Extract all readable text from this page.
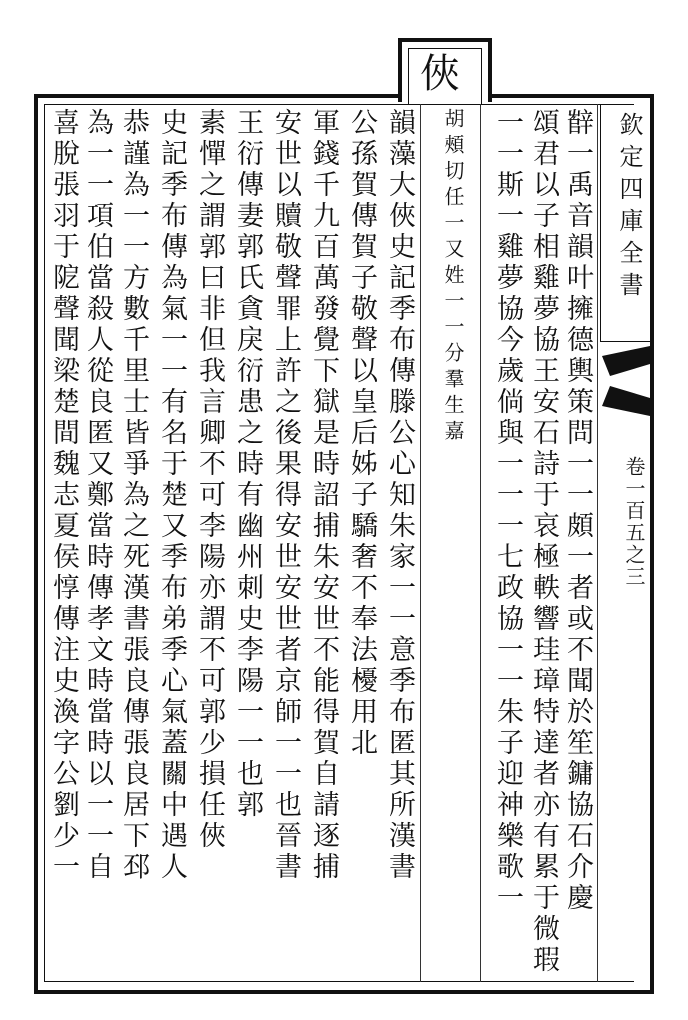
俠
欽定四庫全書
卷一百五之三
辥一禹音韻叶擁德輿策問一一頗一者或不聞於笙鏞協石介慶
頌君以子相雞夢協王安石詩于哀極軼響珪璋特達者亦有累于微瑕
一一斯一雞夢協今歲倘與一一一七政協一一朱子迎神樂歌一
胡頰切任一又姓一一分羣生嘉
韻藻大俠史記季布傳滕公心知朱家一一意季布匿其所漢書
公孫賀傳賀子敬聲以皇后姊子驕奢不奉法櫌用北
軍錢千九百萬發覺下獄是時詔捕朱安世不能得賀自請逐捕
安世以贖敬聲罪上許之後果得安世安世者京師一一也晉書
王衍傳妻郭氏貪戾衍患之時有幽州刺史李陽一一也郭
素憚之謂郭曰非但我言卿不可李陽亦謂不可郭少損任俠
史記季布傳為氣一一有名于楚又季布弟季心氣蓋關中遇人
恭謹為一一方數千里士皆爭為之死漢書張良傳張良居下邳
為一一項伯當殺人從良匿又鄭當時傳孝文時當時以一一自
喜脫張羽于阸聲聞梁楚間魏志夏侯惇傳注史渙字公劉少一
